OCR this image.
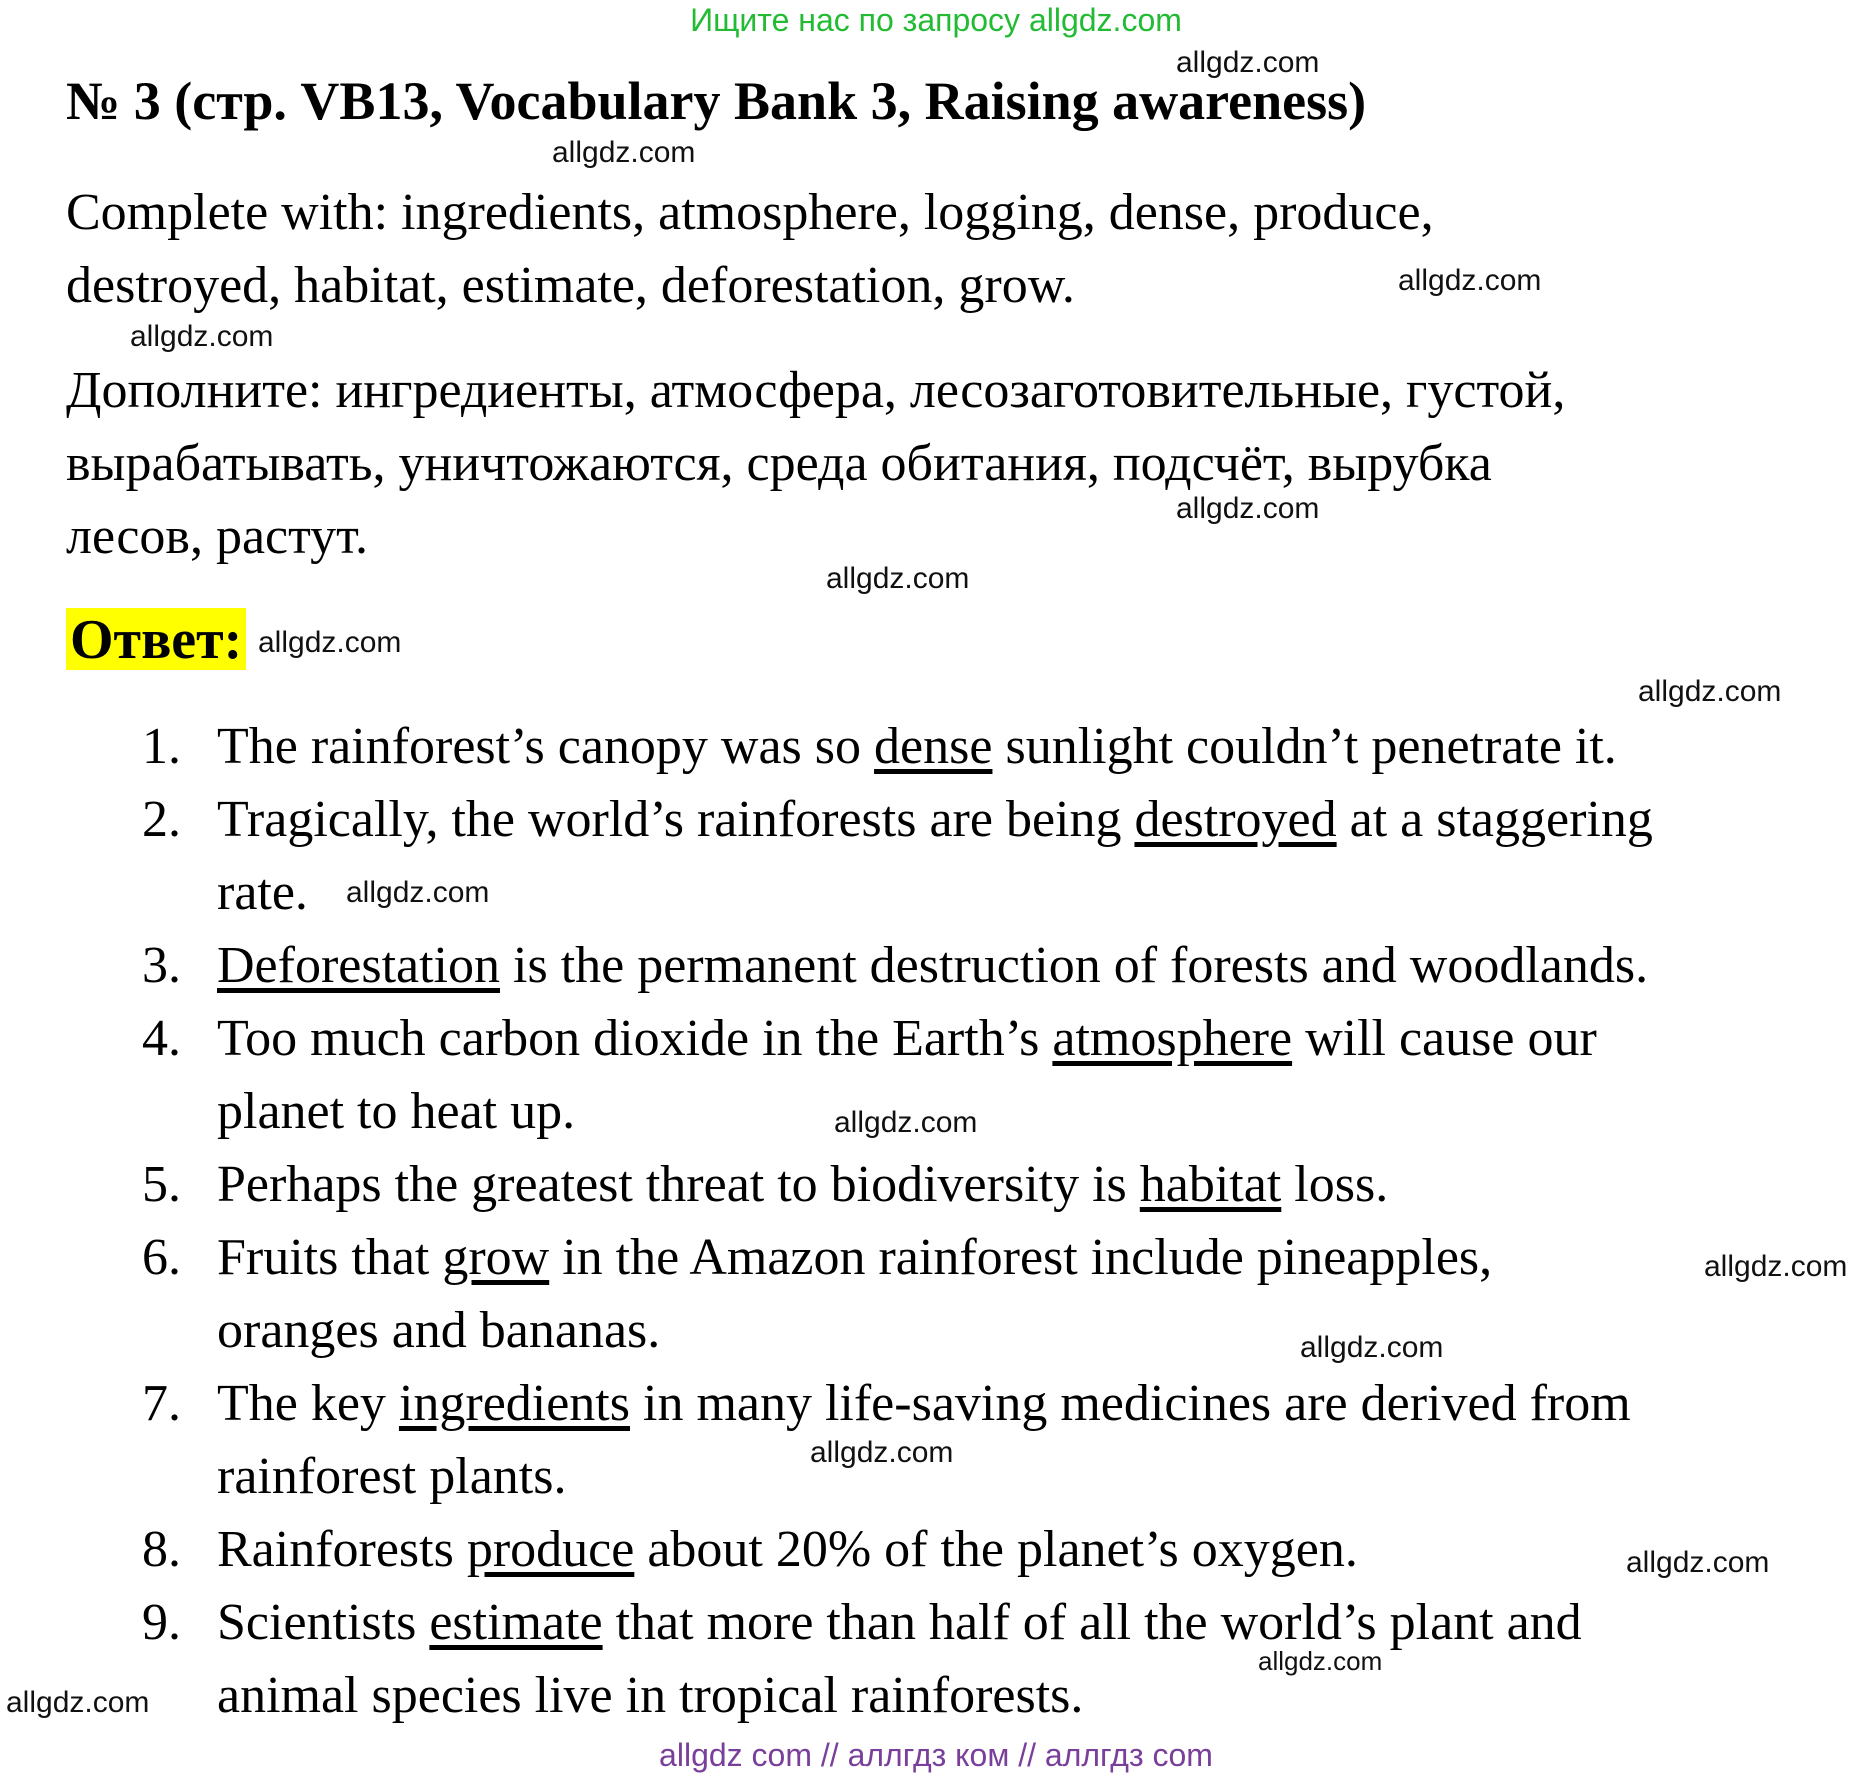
Ищите нас по запросу allgdz.com
№ 3 (стр. VB13, Vocabulary Bank 3, Raising awareness)
Complete with: ingredients, atmosphere, logging, dense, produce,
destroyed, habitat, estimate, deforestation, grow.
Дополните: ингредиенты, атмосфера, лесозаготовительные, густой,
вырабатывать, уничтожаются, среда обитания, подсчёт, вырубка
лесов, растут.
Ответ:
1. The rainforest’s canopy was so dense sunlight couldn’t penetrate it.
2. Tragically, the world’s rainforests are being destroyed at a staggering
rate.
3. Deforestation is the permanent destruction of forests and woodlands.
4. Too much carbon dioxide in the Earth’s atmosphere will cause our
planet to heat up.
5. Perhaps the greatest threat to biodiversity is habitat loss.
6. Fruits that grow in the Amazon rainforest include pineapples,
oranges and bananas.
7. The key ingredients in many life-saving medicines are derived from
rainforest plants.
8. Rainforests produce about 20% of the planet’s oxygen.
9. Scientists estimate that more than half of all the world’s plant and
animal species live in tropical rainforests.
allgdz.com
allgdz.com
allgdz.com
allgdz.com
allgdz.com
allgdz.com
allgdz.com
allgdz.com
allgdz.com
allgdz.com
allgdz.com
allgdz.com
allgdz.com
allgdz.com
allgdz.com
allgdz.com
allgdz com // аллгдз ком // аллгдз com
